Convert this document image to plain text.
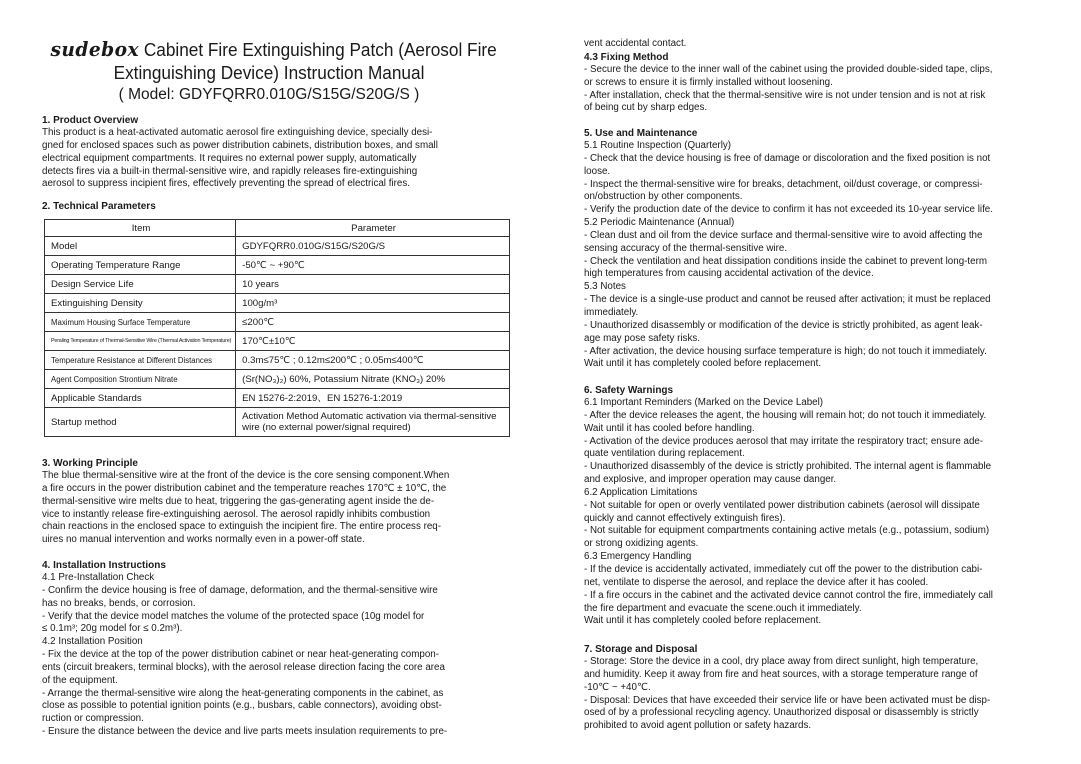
sudebox Cabinet Fire Extinguishing Patch (Aerosol Fire
Extinguishing Device) Instruction Manual
( Model: GDYFQRR0.010G/S15G/S20G/S )

1. Product Overview

This product is a heat-activated automatic aerosol fire extinguishing device, specially desi-

gned for enclosed spaces such as power distribution cabinets, distribution boxes, and small

electrical equipment compartments. It requires no external power supply, automatically

detects fires via a built-in thermal-sensitive wire, and rapidly releases fire-extinguishing

aerosol to suppress incipient fires, effectively preventing the spread of electrical fires.

2. Technical Parameters

Item	Parameter
Model	GDYFQRR0.010G/S15G/S20G/S
Operating Temperature Range	-50℃ ~ +90℃
Design Service Life	10 years
Extinguishing Density	100g/m³
Maximum Housing Surface Temperature	≤200℃
Peraling Temperature of Thermal-Sensitive Wire (Thermal Activation Temperature)	170℃±10℃
Temperature Resistance at Different Distances	0.3m≤75℃ ; 0.12m≤200℃ ; 0.05m≤400℃
Agent Composition Strontium Nitrate	(Sr(NO₃)₂) 60%, Potassium Nitrate (KNO₃) 20%
Applicable Standards	EN 15276-2:2019、EN 15276-1:2019
Startup method	Activation Method Automatic activation via thermal-sensitive wire (no external power/signal required)

3. Working Principle

The blue thermal-sensitive wire at the front of the device is the core sensing component.When

a fire occurs in the power distribution cabinet and the temperature reaches 170℃ ± 10℃, the

thermal-sensitive wire melts due to heat, triggering the gas-generating agent inside the de-

vice to instantly release fire-extinguishing aerosol. The aerosol rapidly inhibits combustion

chain reactions in the enclosed space to extinguish the incipient fire. The entire process req-

uires no manual intervention and works normally even in a power-off state.

4. Installation Instructions

4.1 Pre-Installation Check

- Confirm the device housing is free of damage, deformation, and the thermal-sensitive wire

has no breaks, bends, or corrosion.

- Verify that the device model matches the volume of the protected space (10g model for

≤ 0.1m³; 20g model for ≤ 0.2m³).

4.2 Installation Position

- Fix the device at the top of the power distribution cabinet or near heat-generating compon-

ents (circuit breakers, terminal blocks), with the aerosol release direction facing the core area

of the equipment.

- Arrange the thermal-sensitive wire along the heat-generating components in the cabinet, as

close as possible to potential ignition points (e.g., busbars, cable connectors), avoiding obst-

ruction or compression.

- Ensure the distance between the device and live parts meets insulation requirements to pre-

vent accidental contact.

4.3 Fixing Method

- Secure the device to the inner wall of the cabinet using the provided double-sided tape, clips,

or screws to ensure it is firmly installed without loosening.

- After installation, check that the thermal-sensitive wire is not under tension and is not at risk

of being cut by sharp edges.

5. Use and Maintenance

5.1 Routine Inspection (Quarterly)

- Check that the device housing is free of damage or discoloration and the fixed position is not

loose.

- Inspect the thermal-sensitive wire for breaks, detachment, oil/dust coverage, or compressi-

on/obstruction by other components.

- Verify the production date of the device to confirm it has not exceeded its 10-year service life.

5.2 Periodic Maintenance (Annual)

- Clean dust and oil from the device surface and thermal-sensitive wire to avoid affecting the

sensing accuracy of the thermal-sensitive wire.

- Check the ventilation and heat dissipation conditions inside the cabinet to prevent long-term

high temperatures from causing accidental activation of the device.

5.3 Notes

- The device is a single-use product and cannot be reused after activation; it must be replaced

immediately.

- Unauthorized disassembly or modification of the device is strictly prohibited, as agent leak-

age may pose safety risks.

- After activation, the device housing surface temperature is high; do not touch it immediately.

Wait until it has completely cooled before replacement.

6. Safety Warnings

6.1 Important Reminders (Marked on the Device Label)

- After the device releases the agent, the housing will remain hot; do not touch it immediately.

Wait until it has cooled before handling.

- Activation of the device produces aerosol that may irritate the respiratory tract; ensure ade-

quate ventilation during replacement.

- Unauthorized disassembly of the device is strictly prohibited. The internal agent is flammable

and explosive, and improper operation may cause danger.

6.2 Application Limitations

- Not suitable for open or overly ventilated power distribution cabinets (aerosol will dissipate

quickly and cannot effectively extinguish fires).

- Not suitable for equipment compartments containing active metals (e.g., potassium, sodium)

or strong oxidizing agents.

6.3 Emergency Handling

- If the device is accidentally activated, immediately cut off the power to the distribution cabi-

net, ventilate to disperse the aerosol, and replace the device after it has cooled.

- If a fire occurs in the cabinet and the activated device cannot control the fire, immediately call

the fire department and evacuate the scene.ouch it immediately.

Wait until it has completely cooled before replacement.

7. Storage and Disposal

- Storage: Store the device in a cool, dry place away from direct sunlight, high temperature,

and humidity. Keep it away from fire and heat sources, with a storage temperature range of

-10℃ ~ +40℃.

- Disposal: Devices that have exceeded their service life or have been activated must be disp-

osed of by a professional recycling agency. Unauthorized disposal or disassembly is strictly

prohibited to avoid agent pollution or safety hazards.
